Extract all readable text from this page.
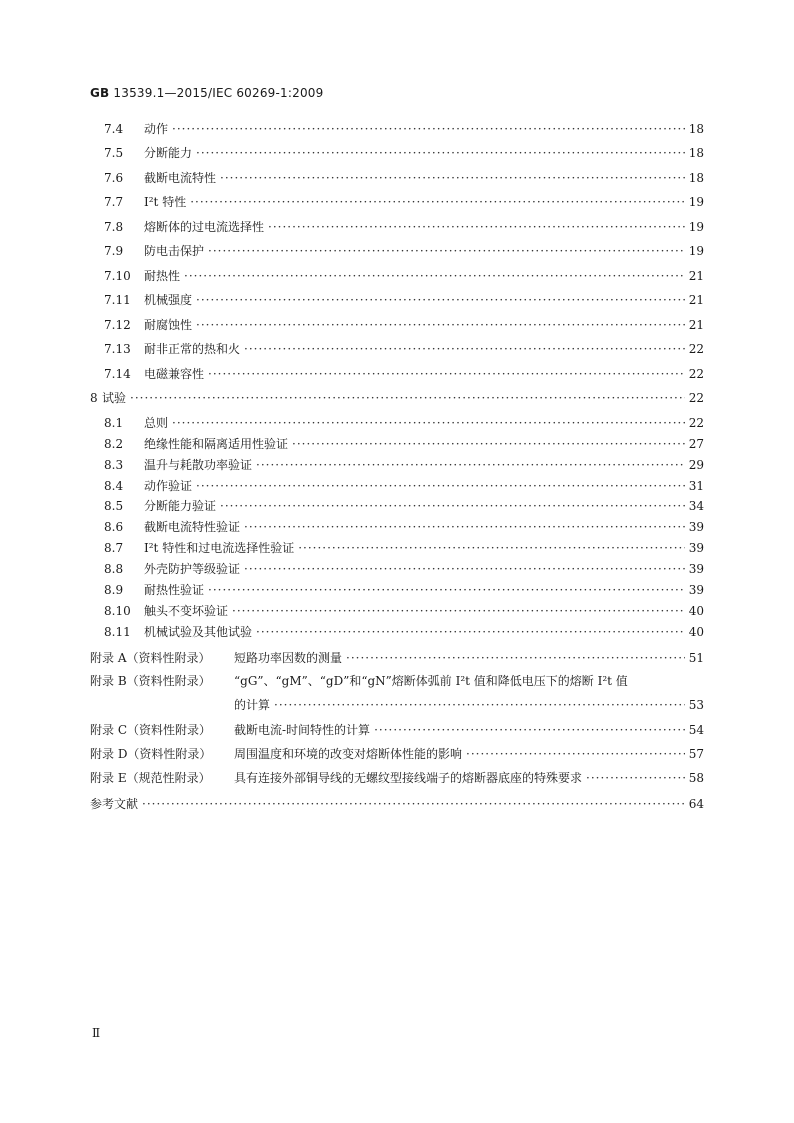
GB 13539.1—2015/IEC 60269-1:2009
7.4	动作 ·····	18
7.5	分断能力 ·····	18
7.6	截断电流特性 ·····	18
7.7	I²t 特性 ·····	19
7.8	熔断体的过电流选择性 ·····	19
7.9	防电击保护 ·····	19
7.10	耐热性 ·····	21
7.11	机械强度 ·····	21
7.12	耐腐蚀性 ·····	21
7.13	耐非正常的热和火 ·····	22
7.14	电磁兼容性 ·····	22
8 试验 ·····	22
8.1	总则 ·····	22
8.2	绝缘性能和隔离适用性验证 ·····	27
8.3	温升与耗散功率验证 ·····	29
8.4	动作验证 ·····	31
8.5	分断能力验证 ·····	34
8.6	截断电流特性验证 ·····	39
8.7	I²t 特性和过电流选择性验证 ·····	39
8.8	外壳防护等级验证 ·····	39
8.9	耐热性验证 ·····	39
8.10	触头不变坏验证 ·····	40
8.11	机械试验及其他试验 ·····	40
附录 A（资料性附录）	短路功率因数的测量 ·····	51
附录 B（资料性附录）	“gG”、“gM”、“gD”和“gN”熔断体弧前 I²t 值和降低电压下的熔断 I²t 值
的计算 ·····	53
附录 C（资料性附录）	截断电流-时间特性的计算 ·····	54
附录 D（资料性附录）	周围温度和环境的改变对熔断体性能的影响 ·····	57
附录 E（规范性附录）	具有连接外部铜导线的无螺纹型接线端子的熔断器底座的特殊要求 ·····	58
参考文献 ·····	64
Ⅱ
